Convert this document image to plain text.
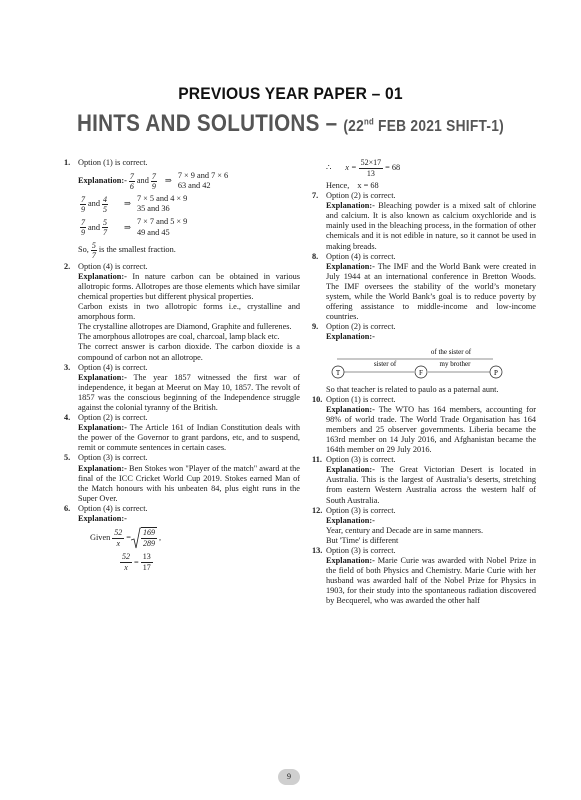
PREVIOUS YEAR PAPER – 01
HINTS AND SOLUTIONS – (22nd FEB 2021 SHIFT-1)
1. Option (1) is correct.
Explanation:- $\frac{7}{6}$ and $\frac{7}{9}$ ⇒
7 × 9 and 7 × 6
63 and 42
$\frac{7}{9}$ and $\frac{4}{5}$ ⇒
7 × 5 and 4 × 9
35 and 36
$\frac{7}{9}$ and $\frac{5}{7}$ ⇒
7 × 7 and 5 × 9
49 and 45
So, $\frac{5}{7}$ is the smallest fraction.
2. Option (4) is correct.

Explanation:- In nature carbon can be obtained in various allotropic forms. Allotropes are those elements which have similar chemical properties but different physical properties.

Carbon exists in two allotropic forms i.e., crystalline and amorphous form.

The crystalline allotropes are Diamond, Graphite and fullerenes.

The amorphous allotropes are coal, charcoal, lamp black etc.

The correct answer is carbon dioxide. The carbon dioxide is a compound of carbon not an allotrope.

3. Option (4) is correct.

Explanation:- The year 1857 witnessed the first war of independence, it began at Meerut on May 10, 1857. The revolt of 1857 was the conscious beginning of the Independence struggle against the colonial tyranny of the British.

4. Option (2) is correct.

Explanation:- The Article 161 of Indian Constitution deals with the power of the Governor to grant pardons, etc, and to suspend, remit or commute sentences in certain cases.

5. Option (3) is correct.

Explanation:- Ben Stokes won "Player of the match" award at the final of the ICC Cricket World Cup 2019. Stokes earned Man of the Match honours with his unbeaten 84, plus eight runs in the Super Over.

6. Option (4) is correct.
Explanation:-
Given $\frac{52}{x} = \frac{169}{289}$ ,
$\frac{52}{x} = \frac{13}{17}$
∴ $x = \frac{52\times 17}{13} = 68$
Hence, x = 68
7. Option (2) is correct.

Explanation:- Bleaching powder is a mixed salt of chlorine and calcium. It is also known as calcium oxychloride and is mainly used in the bleaching process, in the formation of other chemicals and it is not edible in nature, so it cannot be used in making breads.

8. Option (4) is correct.

Explanation:- The IMF and the World Bank were created in July 1944 at an international conference in Bretton Woods. The IMF oversees the stability of the world’s monetary system, while the World Bank’s goal is to reduce poverty by offering assistance to middle-income and low-income countries.

9. Option (2) is correct.
Explanation:-
of the sister of
sister of	my brother
T	F	P

So that teacher is related to paulo as a paternal aunt.

10. Option (1) is correct.

Explanation:- The WTO has 164 members, accounting for 98% of world trade. The World Trade Organisation has 164 members and 25 observer governments. Liberia became the 163rd member on 14 July 2016, and Afghanistan became the 164th member on 29 July 2016.

11. Option (3) is correct.

Explanation:- The Great Victorian Desert is located in Australia. This is the largest of Australia’s deserts, stretching from eastern Western Australia across the western half of South Australia.

12. Option (3) is correct.
Explanation:-

Year, century and Decade are in same manners.

But 'Time' is different

13. Option (3) is correct.

Explanation:- Marie Curie was awarded with Nobel Prize in the field of both Physics and Chemistry. Marie Curie with her husband was awarded half of the Nobel Prize for Physics in 1903, for their study into the spontaneous radiation discovered by Becquerel, who was awarded the other half

9
